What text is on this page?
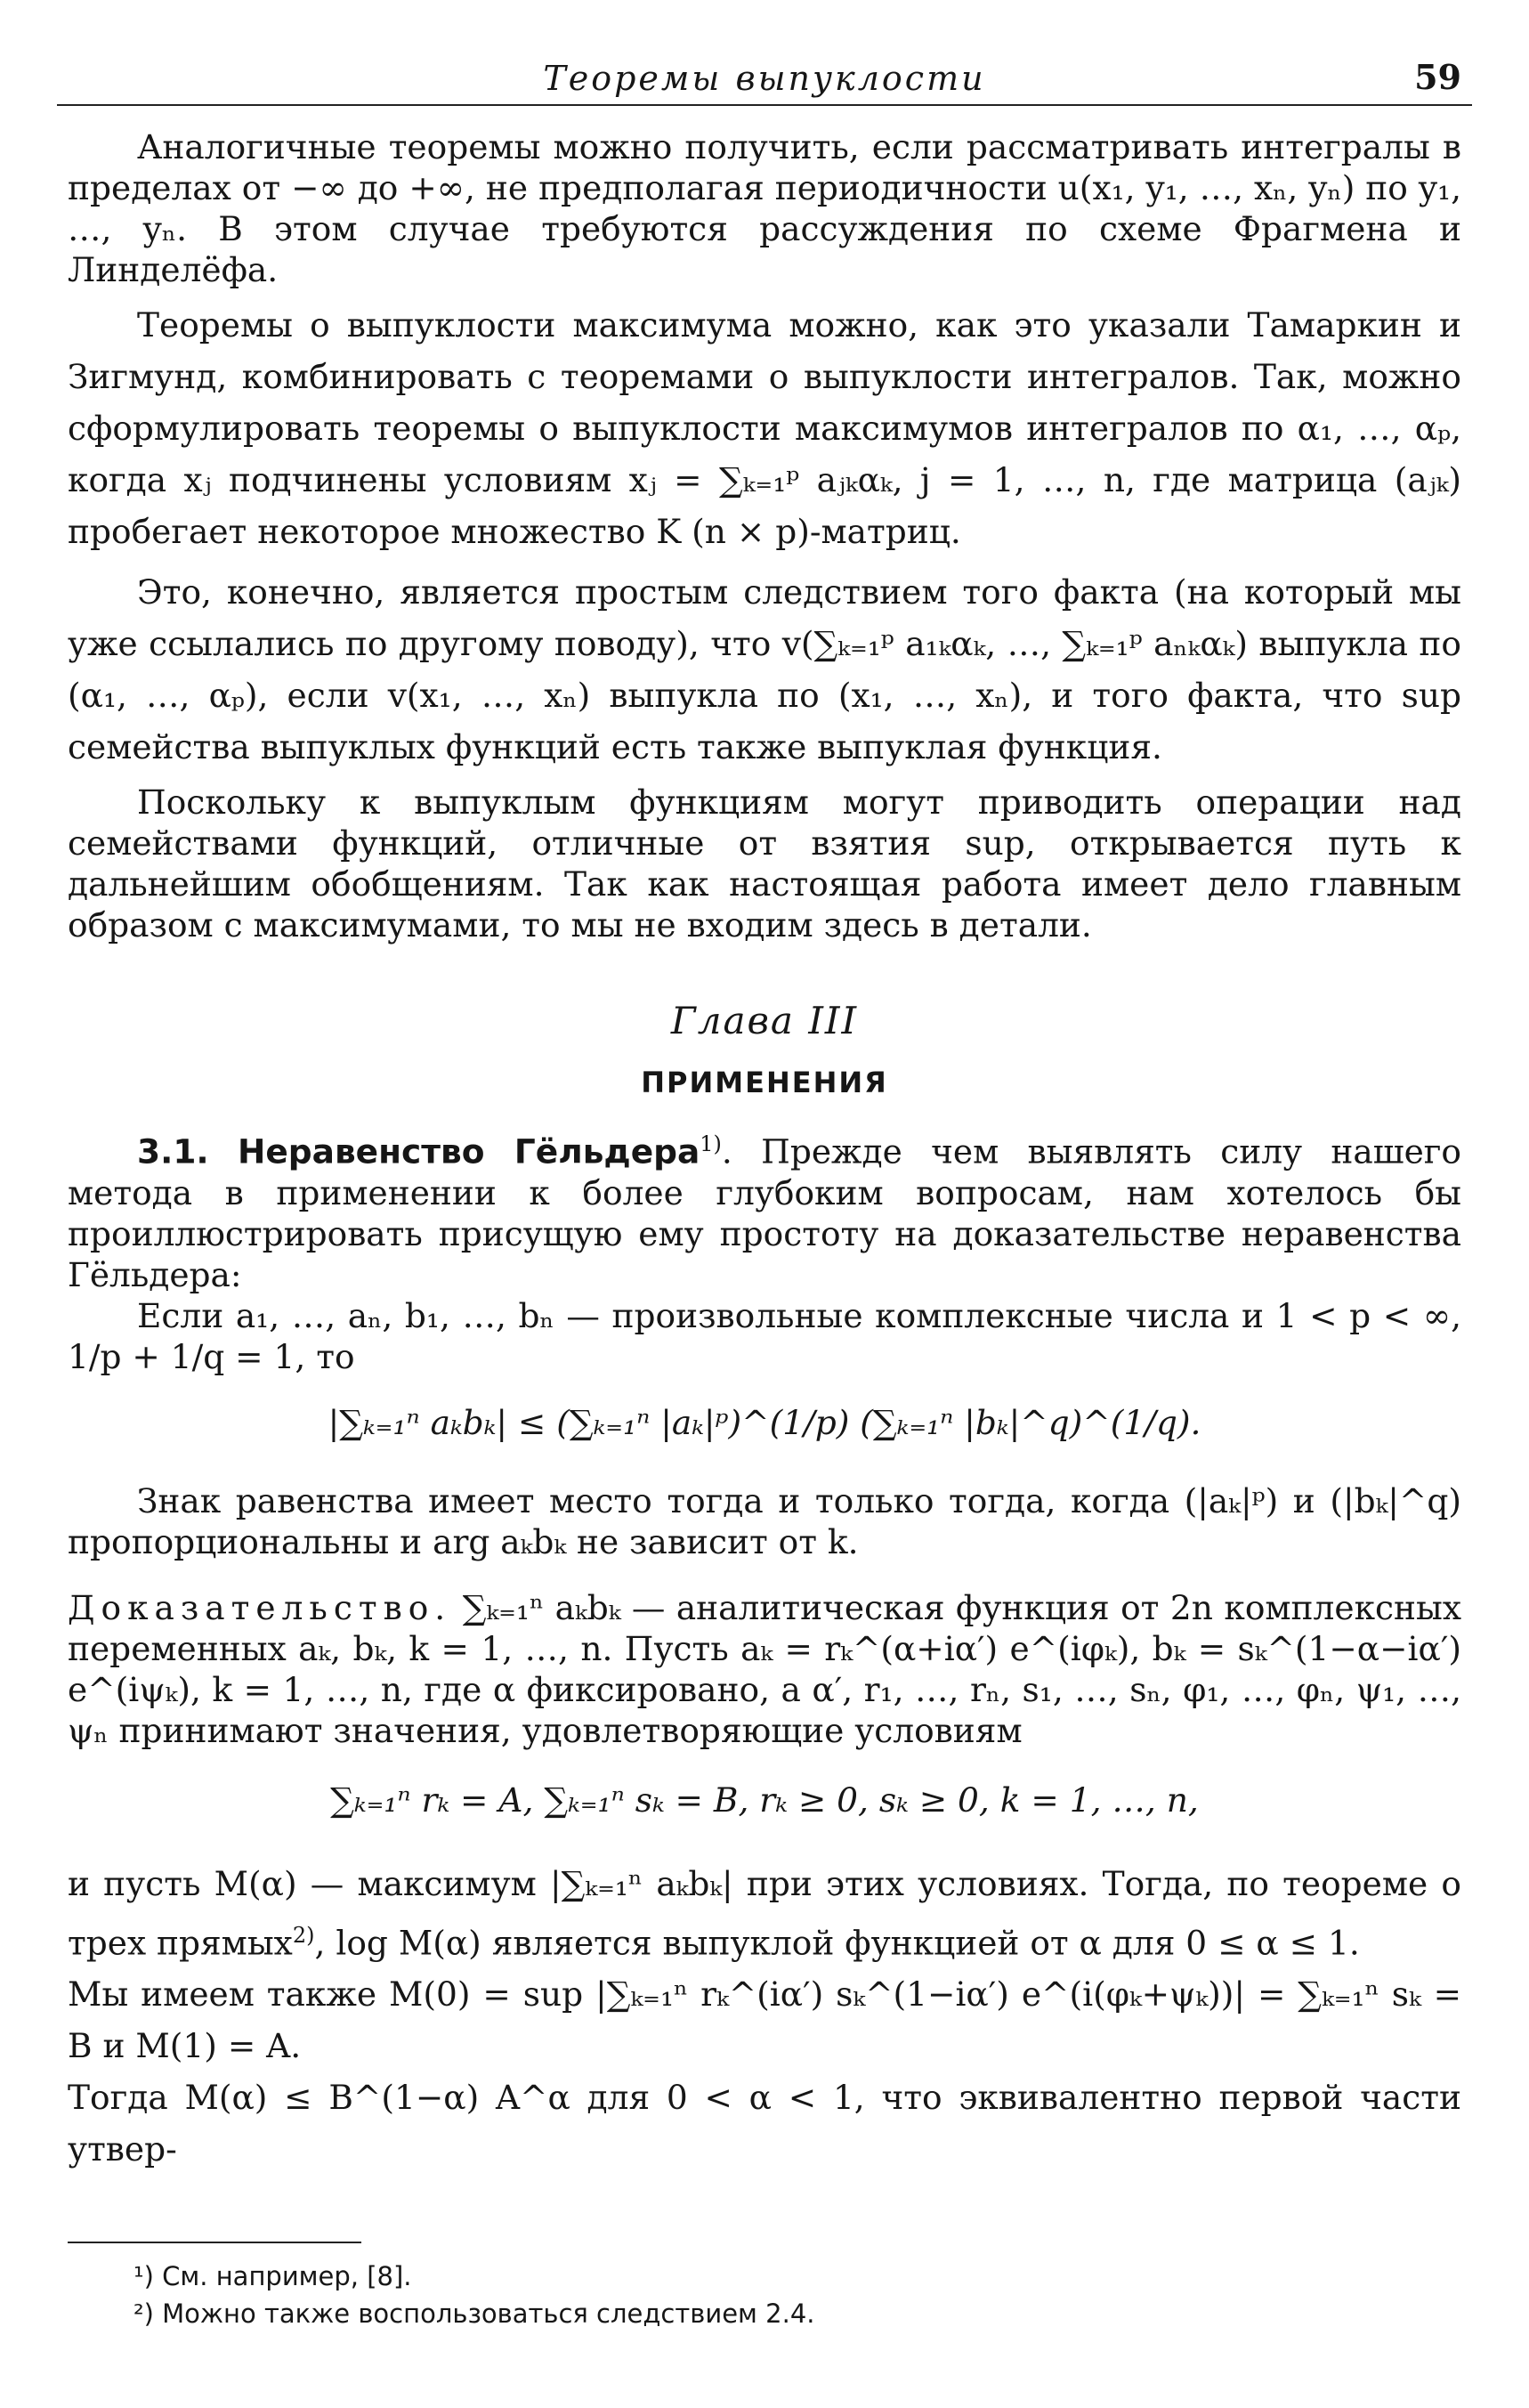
Теоремы выпуклости	59

Аналогичные теоремы можно получить, если рассматривать интегралы в пределах от −∞ до +∞, не предполагая периодичности u(x₁, y₁, …, xₙ, yₙ) по y₁, …, yₙ. В этом случае требуются рассуждения по схеме Фрагмена и Линделёфа.

Теоремы о выпуклости максимума можно, как это указали Тамаркин и Зигмунд, комбинировать с теоремами о выпуклости интегралов. Так, можно сформулировать теоремы о выпуклости максимумов интегралов по α₁, …, αₚ, когда xⱼ подчинены условиям xⱼ = ∑ₖ₌₁ᵖ aⱼₖαₖ, j = 1, …, n, где матрица (aⱼₖ) пробегает некоторое множество K (n × p)-матриц.

Это, конечно, является простым следствием того факта (на который мы уже ссылались по другому поводу), что v(∑ₖ₌₁ᵖ a₁ₖαₖ, …, ∑ₖ₌₁ᵖ aₙₖαₖ) выпукла по (α₁, …, αₚ), если v(x₁, …, xₙ) выпукла по (x₁, …, xₙ), и того факта, что sup семейства выпуклых функций есть также выпуклая функция.

Поскольку к выпуклым функциям могут приводить операции над семействами функций, отличные от взятия sup, открывается путь к дальнейшим обобщениям. Так как настоящая работа имеет дело главным образом с максимумами, то мы не входим здесь в детали.

Глава III
ПРИМЕНЕНИЯ

3.1. Неравенство Гёльдера$^{1)}$. Прежде чем выявлять силу нашего метода в применении к более глубоким вопросам, нам хотелось бы проиллюстрировать присущую ему простоту на доказательстве неравенства Гёльдера:

Если a₁, …, aₙ, b₁, …, bₙ — произвольные комплексные числа и 1 < p < ∞, 1/p + 1/q = 1, то

|∑ₖ₌₁ⁿ aₖbₖ| ≤ (∑ₖ₌₁ⁿ |aₖ|ᵖ)^(1/p) (∑ₖ₌₁ⁿ |bₖ|^q)^(1/q).

Знак равенства имеет место тогда и только тогда, когда (|aₖ|ᵖ) и (|bₖ|^q) пропорциональны и arg aₖbₖ не зависит от k.

Доказательство. ∑ₖ₌₁ⁿ aₖbₖ — аналитическая функция от 2n комплексных переменных aₖ, bₖ, k = 1, …, n. Пусть aₖ = rₖ^(α+iα′) e^(iφₖ), bₖ = sₖ^(1−α−iα′) e^(iψₖ), k = 1, …, n, где α фиксировано, а α′, r₁, …, rₙ, s₁, …, sₙ, φ₁, …, φₙ, ψ₁, …, ψₙ принимают значения, удовлетворяющие условиям

∑ₖ₌₁ⁿ rₖ = A, ∑ₖ₌₁ⁿ sₖ = B, rₖ ≥ 0, sₖ ≥ 0, k = 1, …, n,

и пусть M(α) — максимум |∑ₖ₌₁ⁿ aₖbₖ| при этих условиях. Тогда, по теореме о трех прямых$^{2)}$, log M(α) является выпуклой функцией от α для 0 ≤ α ≤ 1.

Мы имеем также M(0) = sup |∑ₖ₌₁ⁿ rₖ^(iα′) sₖ^(1−iα′) e^(i(φₖ+ψₖ))| = ∑ₖ₌₁ⁿ sₖ = B и M(1) = A.

Тогда M(α) ≤ B^(1−α) A^α для 0 < α < 1, что эквивалентно первой части утвер-

¹) См. например, [8].

²) Можно также воспользоваться следствием 2.4.
